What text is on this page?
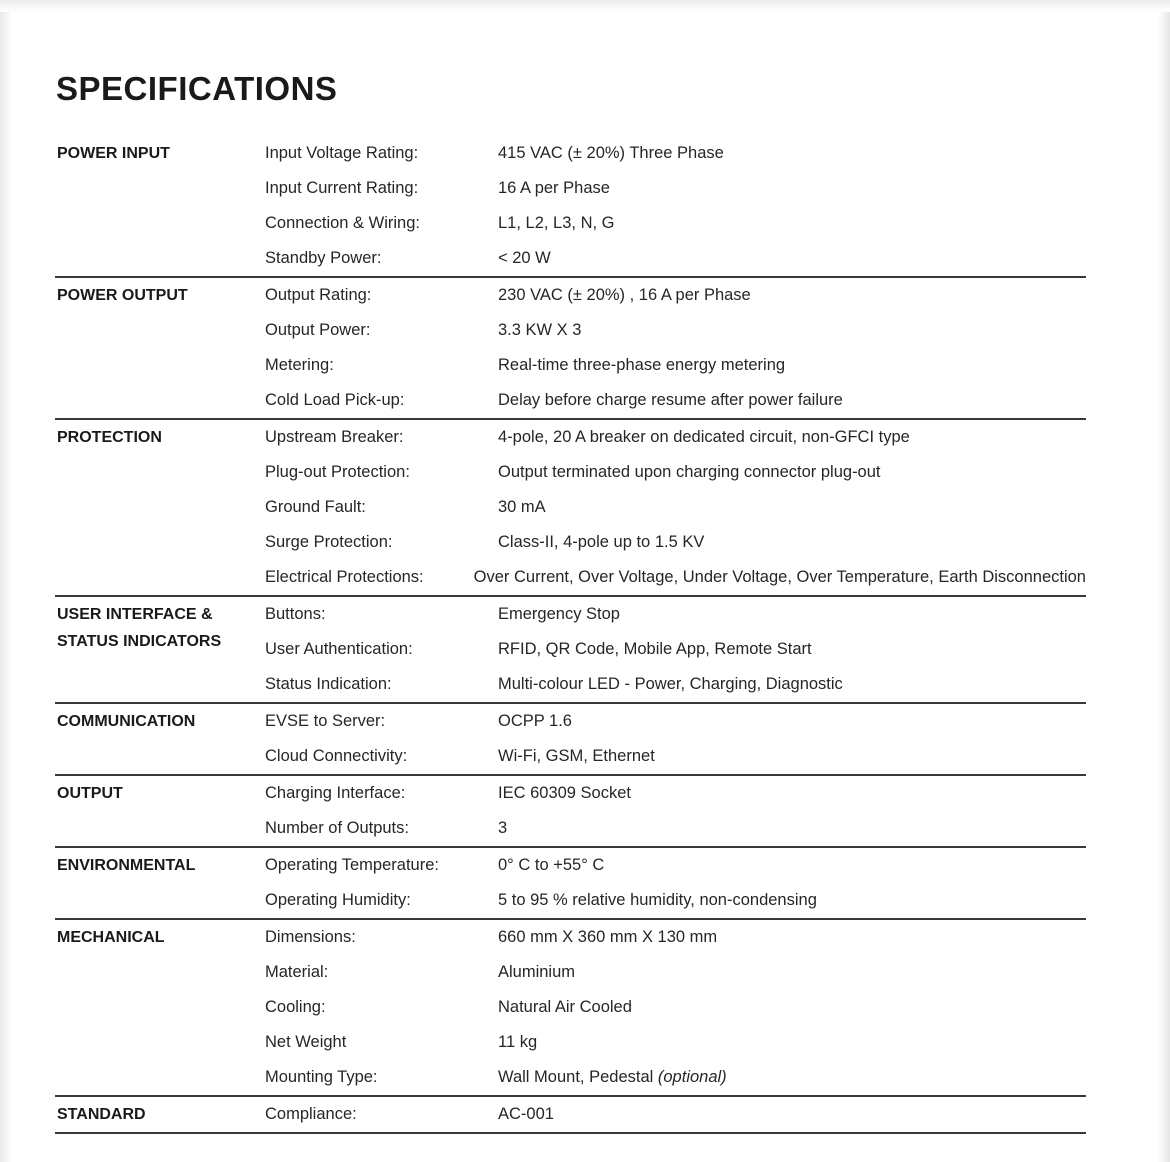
SPECIFICATIONS
POWER INPUT	Input Voltage Rating:	415 VAC (± 20%) Three Phase
Input Current Rating:	16 A per Phase
Connection & Wiring:	L1, L2, L3, N, G
Standby Power:	< 20 W
POWER OUTPUT	Output Rating:	230 VAC (± 20%) , 16 A per Phase
Output Power:	3.3 KW X 3
Metering:	Real-time three-phase energy metering
Cold Load Pick-up:	Delay before charge resume after power failure
PROTECTION	Upstream Breaker:	4-pole, 20 A breaker on dedicated circuit, non-GFCI type
Plug-out Protection:	Output terminated upon charging connector plug-out
Ground Fault:	30 mA
Surge Protection:	Class-II, 4-pole up to 1.5 KV
Electrical Protections:	Over Current, Over Voltage, Under Voltage, Over Temperature, Earth Disconnection
USER INTERFACE &
STATUS INDICATORS
Buttons:	Emergency Stop
User Authentication:	RFID, QR Code, Mobile App, Remote Start
Status Indication:	Multi-colour LED - Power, Charging, Diagnostic
COMMUNICATION	EVSE to Server:	OCPP 1.6
Cloud Connectivity:	Wi-Fi, GSM, Ethernet
OUTPUT	Charging Interface:	IEC 60309 Socket
Number of Outputs:	3
ENVIRONMENTAL	Operating Temperature:	0° C to +55° C
Operating Humidity:	5 to 95 % relative humidity, non-condensing
MECHANICAL	Dimensions:	660 mm X 360 mm X 130 mm
Material:	Aluminium
Cooling:	Natural Air Cooled
Net Weight	11 kg
Mounting Type:	Wall Mount, Pedestal (optional)
STANDARD	Compliance:	AC-001
